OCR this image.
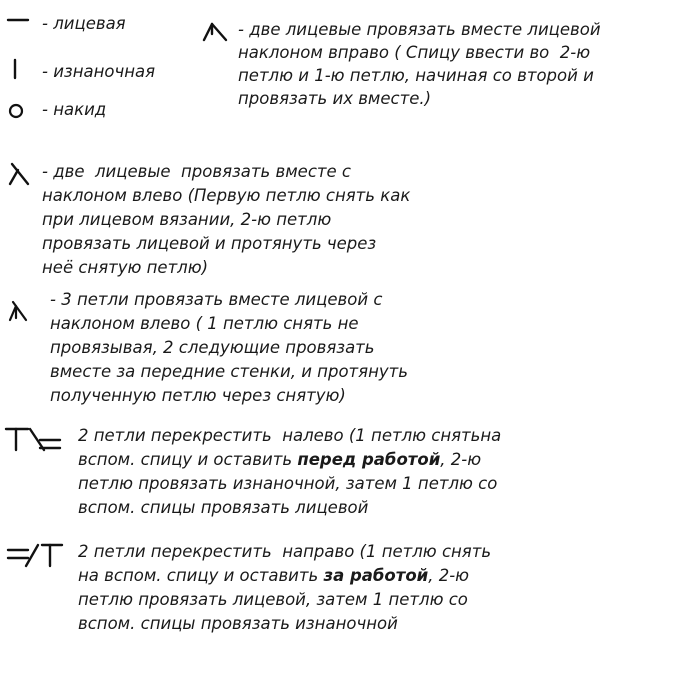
- лицевая
- изнаночная
- накид
- две лицевые провязать вместе лицевой
наклоном вправо ( Спицу ввести во  2-ю
петлю и 1-ю петлю, начиная со второй и
провязать их вместе.)
- две  лицевые  провязать вместе с
наклоном влево (Первую петлю снять как
при лицевом вязании, 2-ю петлю
провязать лицевой и протянуть через
неё снятую петлю)
- 3 петли провязать вместе лицевой с
наклоном влево ( 1 петлю снять не
провязывая, 2 следующие провязать
вместе за передние стенки, и протянуть
полученную петлю через снятую)
2 петли перекрестить  налево (1 петлю снятьна
вспом. спицу и оставить перед работой, 2-ю
петлю провязать изнаночной, затем 1 петлю со
вспом. спицы провязать лицевой
2 петли перекрестить  направо (1 петлю снять
на вспом. спицу и оставить за работой, 2-ю
петлю провязать лицевой, затем 1 петлю со
вспом. спицы провязать изнаночной
